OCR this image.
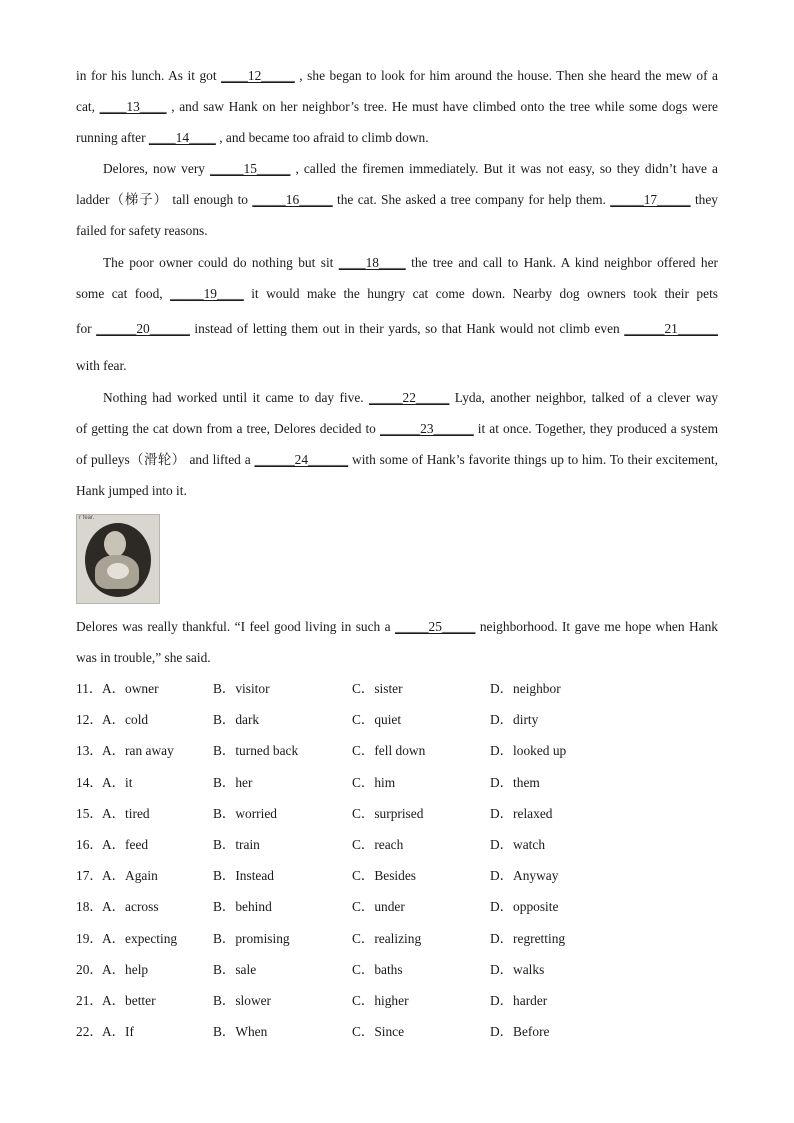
in for his lunch. As it got ____12_____ , she began to look for him around the house. Then she heard the mew of a
cat, ____13____ , and saw Hank on her neighbor’s tree. He must have climbed onto the tree while some dogs were
running after ____14____ , and became too afraid to climb down.
Delores, now very _____15_____ , called the firemen immediately. But it was not easy, so they didn’t have a
ladder（梯子） tall enough to _____16_____ the cat. She asked a tree company for help them. _____17_____ they
failed for safety reasons.
The poor owner could do nothing but sit ____18____ the tree and call to Hank. A kind neighbor offered her
some cat food, _____19____ it would make the hungry cat come down. Nearby dog owners took their pets
for ______20______ instead of letting them out in their yards, so that Hank would not climb even ______21______
with fear.
Nothing had worked until it came to day five. _____22_____ Lyda, another neighbor, talked of a clever way
of getting the cat down from a tree, Delores decided to ______23______ it at once. Together, they produced a system
of pulleys（滑轮） and lifted a ______24______ with some of Hank’s favorite things up to him. To their excitement,
Hank jumped into it.
r fear.
Delores was really thankful. “I feel good living in such a _____25_____ neighborhood. It gave me hope when Hank
was in trouble,” she said.
11． A．owner	B．visitor	C．sister	D．neighbor
12． A．cold	B．dark	C．quiet	D．dirty
13． A．ran away	B．turned back	C．fell down	D．looked up
14． A．it	B．her	C．him	D．them
15． A．tired	B．worried	C．surprised	D．relaxed
16． A．feed	B．train	C．reach	D．watch
17． A．Again	B．Instead	C．Besides	D．Anyway
18． A．across	B．behind	C．under	D．opposite
19． A．expecting	B．promising	C．realizing	D．regretting
20． A．help	B．sale	C．baths	D．walks
21． A．better	B．slower	C．higher	D．harder
22． A．If	B．When	C．Since	D．Before
